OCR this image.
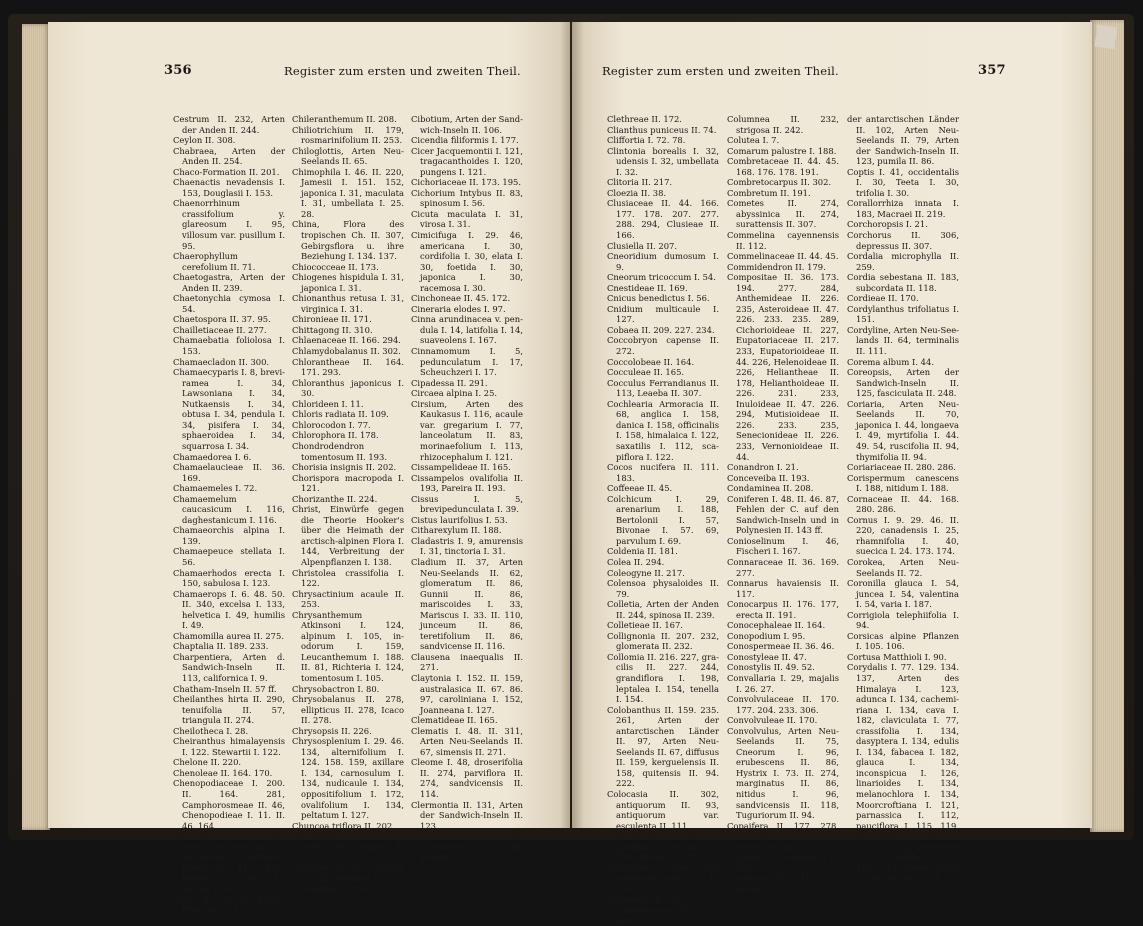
356	Register zum ersten und zweiten Theil.

Cestrum II. 232, Arten der Anden II. 244.

Ceylon II. 308.

Chabraea, Arten der Anden II. 254.

Chaco-Formation II. 201.

Chaenactis nevadensis I. 153, Douglasii I. 153.

Chaenorrhinum crassifolium y. glareosum I. 95, villosum var. pusillum I. 95.

Chaerophyllum cerefolium II. 71.

Chaetogastra, Arten der Anden II. 239.

Chaetonychia cymosa I. 54.

Chaetospora II. 37. 95.

Chailletiaceae II. 277.

Chamaebatia foliolosa I. 153.

Chamaecladon II. 300.

Chamaecyparis I. 8, breviramea I. 34, Lawsoniana I. 34, Nutkaensis I. 34, obtusa I. 34, pendula I. 34, pisifera I. 34, sphaeroidea I. 34, squarrosa I. 34.

Chamaedorea I. 6.

Chamaelauciеae II. 36. 169.

Chamaemeles I. 72.

Chamaemelum caucasicum I. 116, daghestanicum I. 116.

Chamaeorchis alpina I. 139.

Chamaepeuce stellata I. 56.

Chamaerhodos erecta I. 150, sabulosa I. 123.

Chamaerops I. 6. 48. 50. II. 340, excelsa I. 133, helvetica I. 49, humilis I. 49.

Chamomilla aurea II. 275.

Chaptalia II. 189. 233.

Charpentiera, Arten d. Sandwich-Inseln II. 113, californica I. 9.

Chatham-Inseln II. 57 ff.

Cheilanthes hirta II. 290, tenuifolia II. 57, triangula II. 274.

Cheilotheca I. 28.

Cheiranthus himalayensis I. 122. Stewartii I. 122.

Chelone II. 220.

Chenoleae II. 164. 170.

Chenopodiaceae I. 200. II. 164. 281, Camphorosmeae II. 46, Chenopodieae I. 11. II. 46. 164.

Chenopodium I. 199, Arten Neu-Seelands II. 66, Arten d. Sandwich-Inseln II. 113, Bon. Henricus I. 200, foliosum I. 199.

Chile II. 260 ff., fossile Pflanzen II. 11.

Chileranthemum II. 208.

Chiliotrichium II. 179, rosmarinifolium II. 253.

Chiloglottis, Arten Neu-Seelands II. 65.

Chimophila I. 46. II. 220, Jamesii I. 151. 152, japonica I. 31, maculata I. 31, umbellata I. 25. 28.

China, Flora des tropischen Ch. II. 307, Gebirgsflora u. ihre Beziehung I. 134. 137.

Chiococceae II. 173.

Chiogenes hispidula I. 31, japonica I. 31.

Chionanthus retusa I. 31, virginica I. 31.

Chironieae II. 171.

Chittagong II. 310.

Chlaenaceae II. 166. 294.

Chlamydobalanus II. 302.

Chloranthеae II. 164. 171. 293.

Chloranthus japonicus I. 30.

Chlorideen I. 11.

Chloris radiata II. 109.

Chlorocodon I. 77.

Chlorophora II. 178.

Chondrodendron tomentosum II. 193.

Chorisia insignis II. 202.

Chorispora macropoda I. 121.

Chorizanthe II. 224.

Christ, Einwürfe gegen die Theorie Hooker's über die Heimath der arctisch-alpinen Flora I. 144, Verbreitung der Alpenpflanzen I. 138.

Christolea crassifolia I. 122.

Chrysactinium acaule II. 253.

Chrysanthemum Atkinsoni I. 124, alpinum I. 105, inodorum I. 159, Leucanthemum I. 188. II. 81, Richteria I. 124, tomentosum I. 105.

Chrysobactron I. 80.

Chrysobalanus II. 278, ellipticus II. 278, Icaco II. 278.

Chrysopsis II. 226.

Chrysosplenium I. 29. 46. 134, alternifolium I. 124. 158. 159, axillare I. 134, carnosulum I. 134, nudicaule I. 134, oppositifolium I. 172, ovalifolium I. 134, peltatum I. 127.

Chuncoa triflora II. 202.

Chuquiragua II. 233, Arten der Anden II. 253.

Chusquea II. 232, aristata II. 232, Fendleri II. 232, Muelleri II. 220.

Cibotium, Arten der Sandwich-Inseln II. 106.

Cicendia filiformis I. 177.

Cicer Jacquemontii I. 121, tragacanthoides I. 120, pungens I. 121.

Cichoriaceae II. 173. 195.

Cichorium Intybus II. 83, spinosum I. 56.

Cicuta maculata I. 31, virosa I. 31.

Cimicifuga I. 29. 46, americana I. 30, cordifolia I. 30, elata I. 30, foetida I. 30, japonica I. 30, racemosa I. 30.

Cinchoneae II. 45. 172.

Cineraria elodes I. 97.

Cinna arundinacea v. pendula I. 14, latifolia I. 14, suaveolens I. 167.

Cinnamomum I. 5, pedunculatum I. 17, Scheuchzeri I. 17.

Cipadessa II. 291.

Circaea alpina I. 25.

Cirsium, Arten des Kaukasus I. 116, acaule var. gregarium I. 77, lanceolatum II. 83, morinaefolium I. 113, rhizocephalum I. 121.

Cissampelideae II. 165.

Cissampelos ovalifolia II. 193, Pareira II. 193.

Cissus I. 5, brevipedunculata I. 39.

Cistus laurifolius I. 53.

Citharexylum II. 188.

Cladastris I. 9, amurensis I. 31, tinctoria I. 31.

Cladium II. 37, Arten Neu-Seelands II. 62, glomeratum II. 86, Gunnii II. 86, mariscoides I. 33, Mariscus I. 33. II. 110, junceum II. 86, teretifolium II. 86, sandvicense II. 116.

Clausena inaequalis II. 271.

Claytonia I. 152. II. 159, australasica II. 67. 86. 97, caroliniana I. 152, Joanneana I. 127.

Clematideae II. 165.

Clematis I. 48. II. 311, Arten Neu-Seelands II. 67, simensis II. 271.

Cleome I. 48, droserifolia II. 274, parviflora II. 274, sandvicensis II. 114.

Clermontia II. 131, Arten der Sandwich-Inseln II. 123.

Clethra I. 9. II. 220, acuminata I. 149, arborea I. 72.

Register zum ersten und zweiten Theil.	357

Clethreae II. 172.

Clianthus puniceus II. 74.

Cliffortia I. 72. 78.

Clintonia borealis I. 32, udensis I. 32, umbellata I. 32.

Clitoria II. 217.

Cloezia II. 38.

Clusiaceae II. 44. 166. 177. 178. 207. 277. 288. 294, Clusieae II. 166.

Clusiella II. 207.

Cneoridium dumosum I. 9.

Cneorum tricoccum I. 54.

Cnestideae II. 169.

Cnicus benedictus I. 56.

Cnidium multicaule I. 127.

Cobaea II. 209. 227. 234.

Coccobryon capense II. 272.

Coccolobeae II. 164.

Cocculeae II. 165.

Cocculus Ferrandianus II. 113, Leaeba II. 307.

Cochlearia Armoracia II. 68, anglica I. 158, danica I. 158, officinalis I. 158, himalaica I. 122, saxatilis I. 112, scapiflora I. 122.

Cocos nucifera II. 111. 183.

Coffeeae II. 45.

Colchicum I. 29, arenarium I. 188, Bertolonii I. 57, Bivonae I. 57. 69, parvulum I. 69.

Coldenia II. 181.

Colea II. 294.

Coleogyne II. 217.

Colensoa physaloides II. 79.

Colletia, Arten der Anden II. 244, spinosa II. 239.

Colletieae II. 167.

Collignonia II. 207. 232, glomerata II. 232.

Collomia II. 216. 227, gracilis II. 227. 244, grandiflora I. 198, leptalea I. 154, tenella I. 154.

Colobanthus II. 159. 235. 261, Arten der antarctischen Länder II. 97, Arten Neu-Seelands II. 67, diffusus II. 159, kerguelensis II. 158, quitensis II. 94. 222.

Colocasia II. 302, antiquorum II. 93, antiquorum var. esculenta II. 111.

Colocasioideae II. 302.

Colpodium altaicum I. 128, Steveni I. 117.

Colubrina, Arten der Sandwich-Inseln II. 116.

Columellia II. 209.

Columelliaceae II. 171. 208.

Columnea II. 232, strigosa II. 242.

Colutea I. 7.

Comarum palustre I. 188.

Combretaceae II. 44. 45. 168. 176. 178. 191.

Combretocarpus II. 302.

Combretum II. 191.

Cometes II. 274, abyssinica II. 274, surattensis II. 307.

Commelina cayennensis II. 112.

Commelinaceae II. 44. 45.

Commidendron II. 179.

Compositae II. 36. 173. 194. 277. 284, Anthemideae II. 226. 235, Asteroideae II. 47. 226. 233. 235. 289, Cichorioideae II. 227, Eupatoriaceae II. 217. 233, Eupatorioideae II. 44. 226, Helenoideae II. 226, Heliantheae II. 178, Helianthoideae II. 226. 231. 233, Inuloideae II. 47. 226. 294, Mutisioideae II. 226. 233. 235, Senecionideae II. 226. 233, Vernonioideae II. 44.

Conandron I. 21.

Conceveiba II. 193.

Condaminea II. 208.

Coniferen I. 48. II. 46. 87, Fehlen der C. auf den Sandwich-Inseln und in Polynesien II. 143 ff.

Conioselinum I. 46, Fischeri I. 167.

Connaraceae II. 36. 169. 277.

Connarus havaiensis II. 117.

Conocarpus II. 176. 177, erecta II. 191.

Conocephaleae II. 164.

Conopodium I. 95.

Conospermeae II. 36. 46.

Conostyleae II. 47.

Conostylis II. 49. 52.

Convallaria I. 29, majalis I. 26. 27.

Convolvulaceae II. 170. 177. 204. 233. 306.

Convolvuleae II. 170.

Convolvulus, Arten Neu-Seelands II. 75, Cneorum I. 96, erubescens II. 86, Hystrix I. 73. II. 274, marginatus II. 86, nitidus I. 96, sandvicensis II. 118, Tuguriorum II. 94.

Copaifera II. 177. 278, coleosperma II. 278, hymenaeifolia II. 278.

Copernicia cerifera II. 201.

Coprosma II. 131. 135, Arten

der antarctischen Länder II. 102, Arten Neu-Seelands II. 79, Arten der Sandwich-Inseln II. 123, pumila II. 86.

Coptis I. 41, occidentalis I. 30, Teeta I. 30, trifolia I. 30.

Corallorrhiza innata I. 183, Macraei II. 219.

Corchoropsis I. 21.

Corchorus II. 306, depressus II. 307.

Cordalia microphylla II. 259.

Cordia sebestana II. 183, subcordata II. 118.

Cordieae II. 170.

Cordylanthus trifoliatus I. 151.

Cordyline, Arten Neu-Seelands II. 64, terminalis II. 111.

Corema album I. 44.

Coreopsis, Arten der Sandwich-Inseln II. 125, fasciculata II. 248.

Coriaria, Arten Neu-Seelands II. 70, japonica I. 44, longaeva I. 49, myrtifolia I. 44. 49. 54, ruscifolia II. 94, thymifolia II. 94.

Coriariaceae II. 280. 286.

Corispermum canescens I. 188, nitidum I. 188.

Cornaceae II. 44. 168. 280. 286.

Cornus I. 9. 29. 46. II. 220, canadensis I. 25, rhamnifolia I. 40, suecica I. 24. 173. 174.

Corokea, Arten Neu-Seelands II. 72.

Coronilla glauca I. 54, juncea I. 54, valentina I. 54, varia I. 187.

Corrigiola telephiifolia I. 94.

Corsicas alpine Pflanzen I. 105. 106.

Cortusa Matthioli I. 90.

Corydalis I. 77. 129. 134. 137, Arten des Himalaya I. 123, adunca I. 134, cachemiriana I. 134, cava I. 182, claviculata I. 77, crassifolia I. 134, dasyptera I. 134, edulis I. 134, fabacea I. 182, glauca I. 134, inconspicua I. 126, linarioides I. 134, melanochlora I. 134, Moorcroftiana I. 121, parnassica I. 112, pauciflora I. 115. 119, polygalina I. 134, ramosa I. 134, Semenowi I. 134, solida I. 111. 112. 143, streptocarpa I. 134, stricta I. 134.
